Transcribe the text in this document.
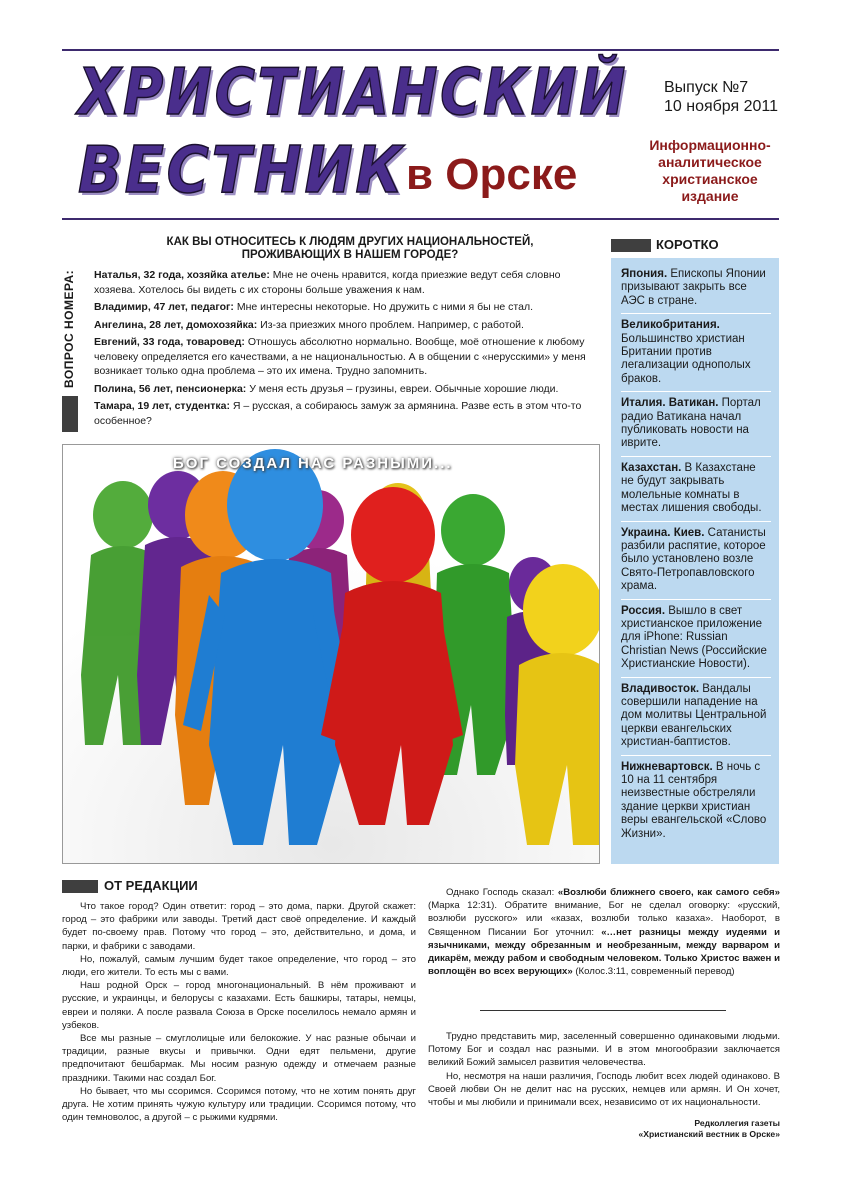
ХРИСТИАНСКИЙ
ВЕСТНИК в Орске
Выпуск №7
10 ноября 2011
Информационно-аналитическое христианское издание
ВОПРОС НОМЕРА:
КАК ВЫ ОТНОСИТЕСЬ К ЛЮДЯМ ДРУГИХ НАЦИОНАЛЬНОСТЕЙ, ПРОЖИВАЮЩИХ В НАШЕМ ГОРОДЕ?

Наталья, 32 года, хозяйка ателье: Мне не очень нравится, когда приезжие ведут себя словно хозяева. Хотелось бы видеть с их стороны больше уважения к нам.

Владимир, 47 лет, педагог: Мне интересны некоторые. Но дружить с ними я бы не стал.

Ангелина, 28 лет, домохозяйка: Из-за приезжих много проблем. Например, с работой.

Евгений, 33 года, товаровед: Отношусь абсолютно нормально. Вообще, моё отношение к любому человеку определяется его качествами, а не национальностью. А в общении с «нерусскими» у меня возникает только одна проблема – это их имена. Трудно запомнить.

Полина, 56 лет, пенсионерка: У меня есть друзья – грузины, евреи. Обычные хорошие люди.

Тамара, 19 лет, студентка: Я – русская, а собираюсь замуж за армянина. Разве есть в этом что-то особенное?

БОГ СОЗДАЛ НАС РАЗНЫМИ...
КОРОТКО
Япония. Епископы Японии призывают закрыть все АЭС в стране.
Великобритания. Большинство христиан Британии против легализации однополых браков.
Италия. Ватикан. Портал радио Ватикана начал публиковать новости на иврите.
Казахстан. В Казахстане не будут закрывать молельные комнаты в местах лишения свободы.
Украина. Киев. Сатанисты разбили распятие, которое было установлено возле Свято-Петропавловского храма.
Россия. Вышло в свет христианское приложение для iPhone: Russian Christian News (Российские Христианские Новости).
Владивосток. Вандалы совершили нападение на дом молитвы Центральной церкви евангельских христиан-баптистов.
Нижневартовск. В ночь с 10 на 11 сентября неизвестные обстреляли здание церкви христиан веры евангельской «Слово Жизни».
ОТ РЕДАКЦИИ

Что такое город? Один ответит: город – это дома, парки. Другой скажет: город – это фабрики или заводы. Третий даст своё определение. И каждый будет по-своему прав. Потому что город – это, действительно, и дома, и парки, и фабрики с заводами.

Но, пожалуй, самым лучшим будет такое определение, что город – это люди, его жители. То есть мы с вами.

Наш родной Орск – город многонациональный. В нём проживают и русские, и украинцы, и белорусы с казахами. Есть башкиры, татары, немцы, евреи и поляки. А после развала Союза в Орске поселилось немало армян и узбеков.

Все мы разные – смуглолицые или белокожие. У нас разные обычаи и традиции, разные вкусы и привычки. Одни едят пельмени, другие предпочитают бешбармак. Мы носим разную одежду и отмечаем разные праздники. Такими нас создал Бог.

Но бывает, что мы ссоримся. Ссоримся потому, что не хотим понять друг друга. Не хотим принять чужую культуру или традиции. Ссоримся потому, что один темноволос, а другой – с рыжими кудрями.

Однако Господь сказал: «Возлюби ближнего своего, как самого себя» (Марка 12:31). Обратите внимание, Бог не сделал оговорку: «русский, возлюби русского» или «казах, возлюби только казаха». Наоборот, в Священном Писании Бог уточнил: «…нет разницы между иудеями и язычниками, между обрезанным и необрезанным, между варваром и дикарём, между рабом и свободным человеком. Только Христос важен и воплощён во всех верующих» (Колос.3:11, современный перевод)

Трудно представить мир, заселенный совершенно одинаковыми людьми. Потому Бог и создал нас разными. И в этом многообразии заключается великий Божий замысел развития человечества.

Но, несмотря на наши различия, Господь любит всех людей одинаково. В Своей любви Он не делит нас на русских, немцев или армян. И Он хочет, чтобы и мы любили и принимали всех, независимо от их национальности.

Редколлегия газеты
«Христианский вестник в Орске»
